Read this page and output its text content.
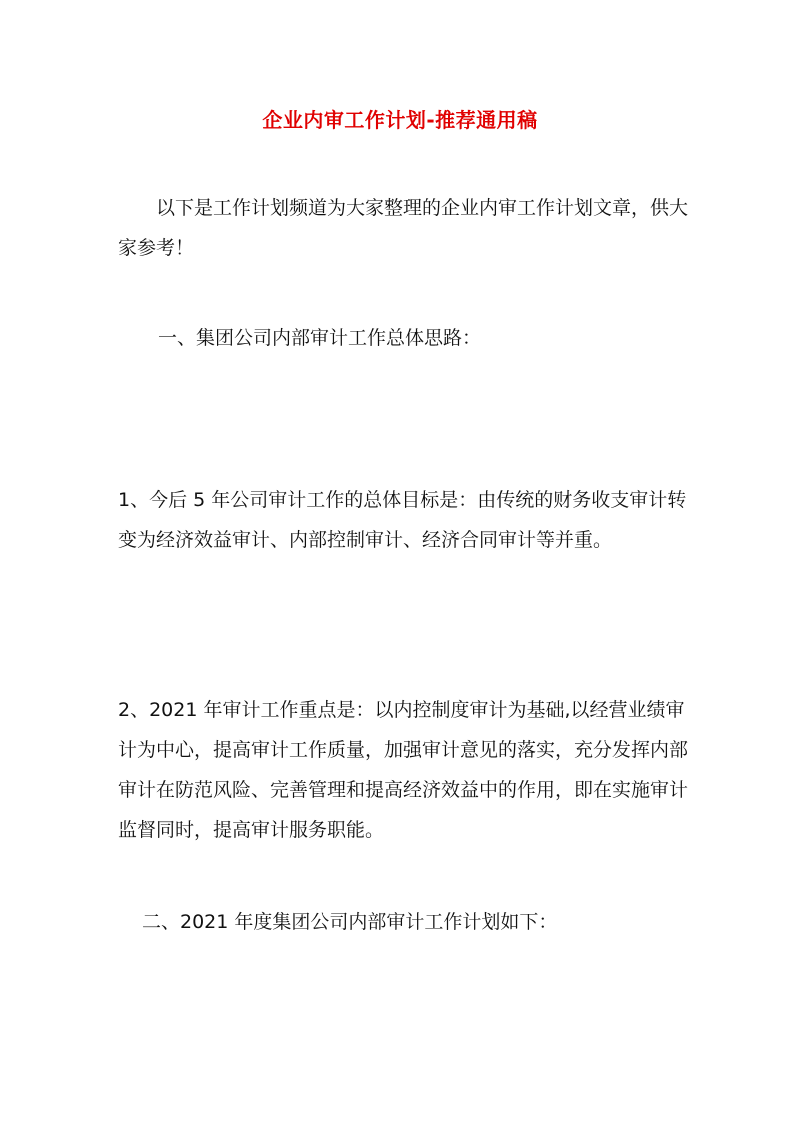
企业内审工作计划-推荐通用稿

以下是工作计划频道为大家整理的企业内审工作计划文章，供大家参考！

一、集团公司内部审计工作总体思路：

1、今后 5 年公司审计工作的总体目标是：由传统的财务收支审计转变为经济效益审计、内部控制审计、经济合同审计等并重。

2、2021 年审计工作重点是：以内控制度审计为基础,以经营业绩审计为中心，提高审计工作质量，加强审计意见的落实，充分发挥内部审计在防范风险、完善管理和提高经济效益中的作用，即在实施审计监督同时，提高审计服务职能。

二、2021 年度集团公司内部审计工作计划如下：
